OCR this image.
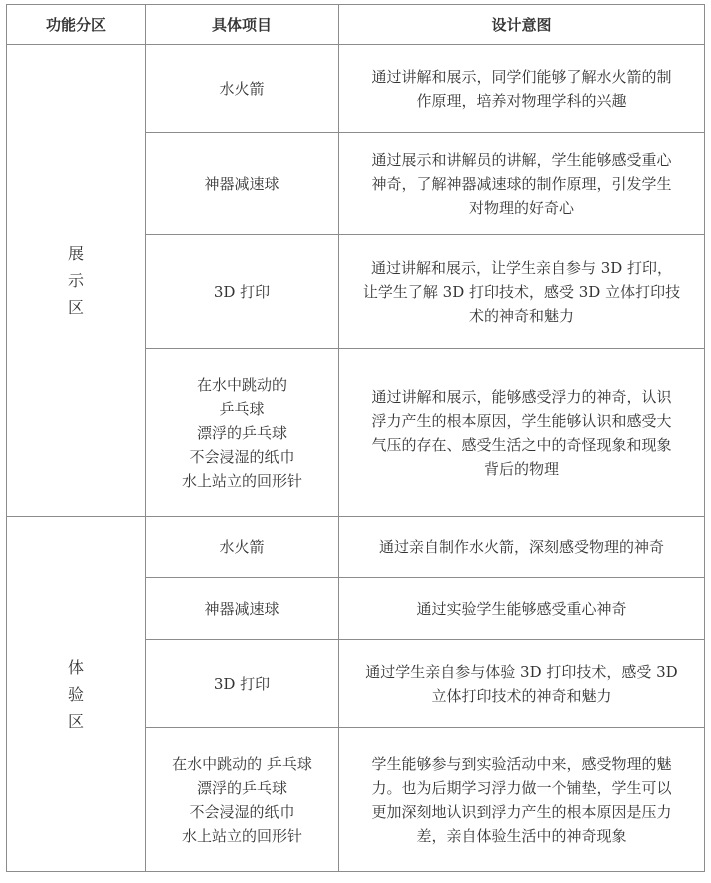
功能分区	具体项目	设计意图

展
示
区	水火箭	通过讲解和展示，同学们能够了解水火箭的制
作原理，培养对物理学科的兴趣

	神器减速球	通过展示和讲解员的讲解，学生能够感受重心
神奇，了解神器减速球的制作原理，引发学生
对物理的好奇心

	3D 打印	通过讲解和展示，让学生亲自参与 3D 打印，
让学生了解 3D 打印技术，感受 3D 立体打印技
术的神奇和魅力

	在水中跳动的
乒乓球
漂浮的乒乓球
不会浸湿的纸巾
水上站立的回形针	通过讲解和展示，能够感受浮力的神奇，认识
浮力产生的根本原因，学生能够认识和感受大
气压的存在、感受生活之中的奇怪现象和现象
背后的物理

体
验
区	水火箭	通过亲自制作水火箭，深刻感受物理的神奇

	神器减速球	通过实验学生能够感受重心神奇

	3D 打印	通过学生亲自参与体验 3D 打印技术，感受 3D
立体打印技术的神奇和魅力

	在水中跳动的 乒乓球
漂浮的乒乓球
不会浸湿的纸巾
水上站立的回形针	学生能够参与到实验活动中来，感受物理的魅
力。也为后期学习浮力做一个铺垫，学生可以
更加深刻地认识到浮力产生的根本原因是压力
差，亲自体验生活中的神奇现象
